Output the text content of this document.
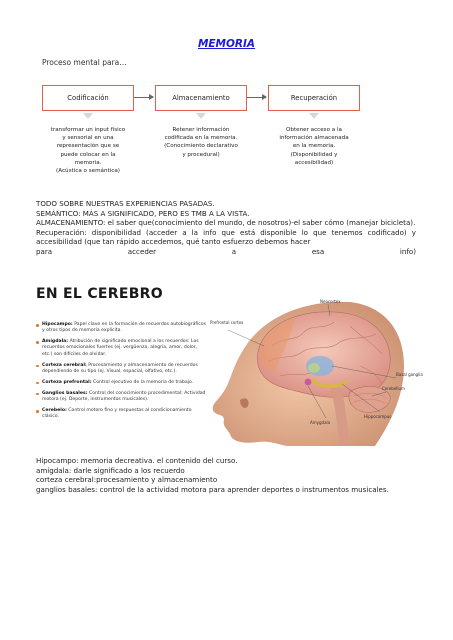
MEMORIA
Proceso mental para…
Codificación	Almacenamiento	Recuperación
transformar un input físico
y sensorial en una
representación que se
puede colocar en la
memoria.
(Acústica o semántica)
Retener información
codificada en la memoria.
(Conocimiento declarativo
y procedural)
Obtener acceso a la
información almacenada
en la memoria.
(Disponibilidad y
accesibilidad)
TODO SOBRE NUESTRAS EXPERIENCIAS PASADAS.
SEMÁNTICO: MÁS A SIGNIFICADO, PERO ES TMB A LA VISTA.
ALMACENAMIENTO: el saber que(conocimiento del mundo, de nosotros)-el saber cómo (manejar bicicleta).
Recuperación: disponibilidad (acceder a la info que está disponible lo que tenemos codificado) y accesibilidad (que tan rápido accedemos, qué tanto esfuerzo debemos hacer
para acceder a esa info)
EN EL CEREBRO
Hipocampo: Papel clave en la formación de recuerdos autobiográficos y otros tipos de memoria explícita.
Amígdala: Atribución de significado emocional a los recuerdos: Los recuerdos emocionales fuertes (ej. vergüenza, alegría, amor, dolor, etc.) son difíciles de olvidar.
Corteza cerebral: Procesamiento y almacenamiento de recuerdos dependiendo de su tipo (ej. Visual, espacial, olfativo, etc.).
Corteza prefrontal: Control ejecutivo de la memoria de trabajo.
Ganglios basales: Control del conocimiento procedimental: Actividad motora (ej. Deporte, instrumentos musicales).
Cerebelo: Control motoro fino y respuestas al condicionamiento clásico.
Neocortex
Prefrontal cortex
Basal ganglia
Cerebellum
Hippocampus
Amygdala
Hipocampo: memoria decreativa. el contenido del curso.
amígdala: darle significado a los recuerdo
corteza cerebral:procesamiento y almacenamiento
ganglios basales: control de la actividad motora para aprender deportes o instrumentos musicales.
